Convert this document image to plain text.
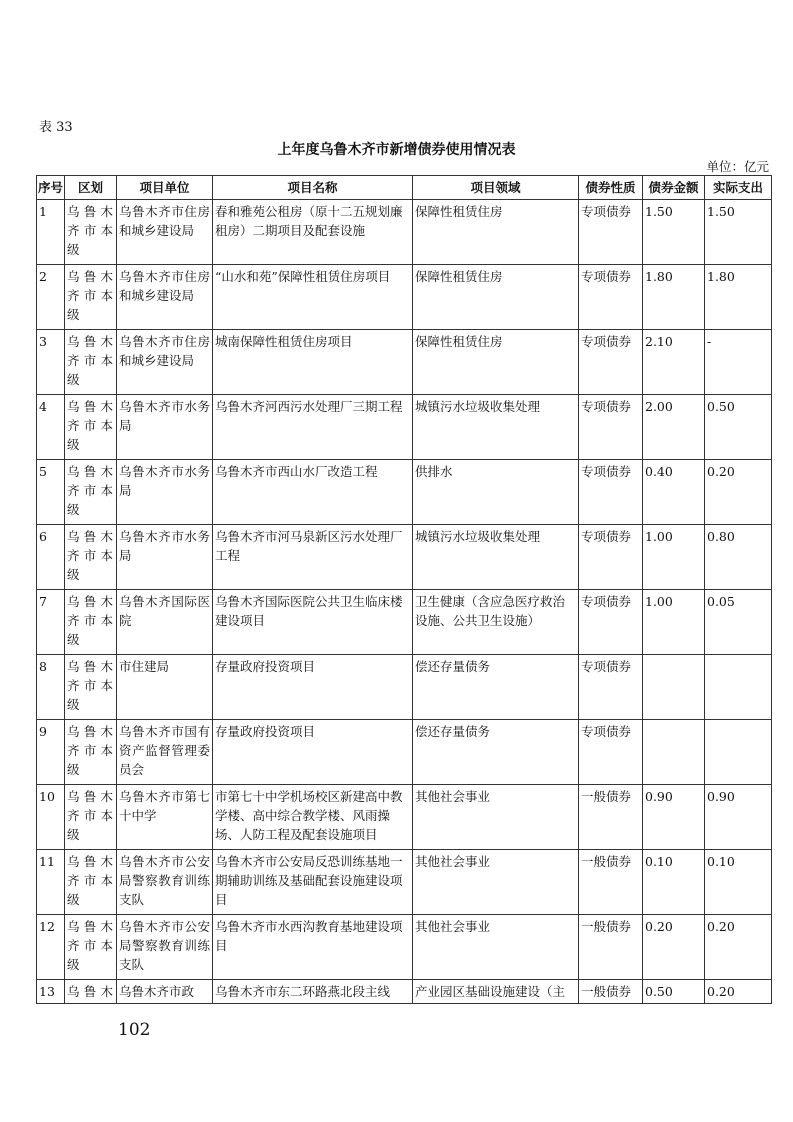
表 33
上年度乌鲁木齐市新增债券使用情况表
单位：亿元
序号	区划	项目单位	项目名称	项目领域	债券性质	债券金额	实际支出
1	乌鲁木齐市本级	乌鲁木齐市住房和城乡建设局	春和雅苑公租房（原十二五规划廉租房）二期项目及配套设施	保障性租赁住房	专项债券	1.50	1.50
2	乌鲁木齐市本级	乌鲁木齐市住房和城乡建设局	“山水和苑”保障性租赁住房项目	保障性租赁住房	专项债券	1.80	1.80
3	乌鲁木齐市本级	乌鲁木齐市住房和城乡建设局	城南保障性租赁住房项目	保障性租赁住房	专项债券	2.10	-
4	乌鲁木齐市本级	乌鲁木齐市水务局	乌鲁木齐河西污水处理厂三期工程	城镇污水垃圾收集处理	专项债券	2.00	0.50
5	乌鲁木齐市本级	乌鲁木齐市水务局	乌鲁木齐市西山水厂改造工程	供排水	专项债券	0.40	0.20
6	乌鲁木齐市本级	乌鲁木齐市水务局	乌鲁木齐市河马泉新区污水处理厂工程	城镇污水垃圾收集处理	专项债券	1.00	0.80
7	乌鲁木齐市本级	乌鲁木齐国际医院	乌鲁木齐国际医院公共卫生临床楼建设项目	卫生健康（含应急医疗救治设施、公共卫生设施）	专项债券	1.00	0.05
8	乌鲁木齐市本级	市住建局	存量政府投资项目	偿还存量债务	专项债券		
9	乌鲁木齐市本级	乌鲁木齐市国有资产监督管理委员会	存量政府投资项目	偿还存量债务	专项债券		
10	乌鲁木齐市本级	乌鲁木齐市第七十中学	市第七十中学机场校区新建高中教学楼、高中综合教学楼、风雨操场、人防工程及配套设施项目	其他社会事业	一般债券	0.90	0.90
11	乌鲁木齐市本级	乌鲁木齐市公安局警察教育训练支队	乌鲁木齐市公安局反恐训练基地一期辅助训练及基础配套设施建设项目	其他社会事业	一般债券	0.10	0.10
12	乌鲁木齐市本级	乌鲁木齐市公安局警察教育训练支队	乌鲁木齐市水西沟教育基地建设项目	其他社会事业	一般债券	0.20	0.20
13	乌鲁木	乌鲁木齐市政	乌鲁木齐市东二环路燕北段主线	产业园区基础设施建设（主	一般债券	0.50	0.20
102
